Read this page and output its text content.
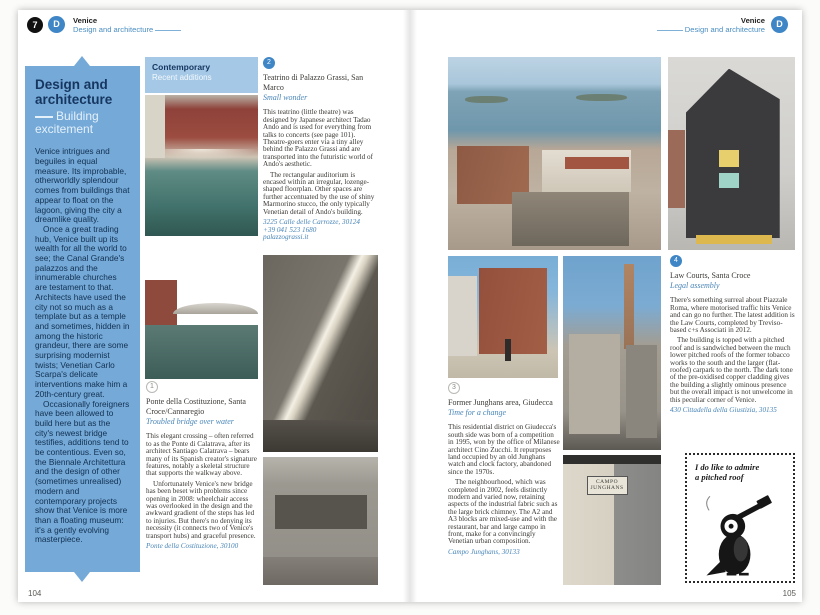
7	D	Venice
Design and architecture
Venice
Design and architecture
D
Design and architecture
Building excitement

Venice intrigues and beguiles in equal measure. Its improbable, otherworldly splendour comes from buildings that appear to float on the lagoon, giving the city a dreamlike quality.

Once a great trading hub, Venice built up its wealth for all the world to see; the Canal Grande's palazzos and the innumerable churches are testament to that. Architects have used the city not so much as a template but as a temple and sometimes, hidden in among the historic grandeur, there are some surprising modernist twists; Venetian Carlo Scarpa's delicate interventions make him a 20th-century great.

Occasionally foreigners have been allowed to build here but as the city's newest bridge testifies, additions tend to be contentious. Even so, the Biennale Architettura and the design of other (sometimes unrealised) modern and contemporary projects show that Venice is more than a floating museum: it's a gently evolving masterpiece.

Contemporary
Recent additions
1
Ponte della Costituzione, Santa Croce/Cannaregio
Troubled bridge over water

This elegant crossing – often referred to as the Ponte di Calatrava, after its architect Santiago Calatrava – bears many of its Spanish creator's signature features, notably a skeletal structure that supports the walkway above.

Unfortunately Venice's new bridge has been beset with problems since opening in 2008: wheelchair access was overlooked in the design and the awkward gradient of the steps has led to injuries. But there's no denying its necessity (it connects two of Venice's transport hubs) and graceful presence.

Ponte della Costituzione, 30100
2
Teatrino di Palazzo Grassi, San Marco
Small wonder

This teatrino (little theatre) was designed by Japanese architect Tadao Ando and is used for everything from talks to concerts (see page 101). Theatre-goers enter via a tiny alley behind the Palazzo Grassi and are transported into the futuristic world of Ando's aesthetic.

The rectangular auditorium is encased within an irregular, lozenge-shaped floorplan. Other spaces are further accentuated by the use of shiny Marmorino stucco, the only typically Venetian detail of Ando's building.

3225 Calle delle Carrozze, 30124
+39 041 523 1680
palazzograssi.it
CAMPO
JUNGHANS
3
Former Junghans area, Giudecca
Time for a change

This residential district on Giudecca's south side was born of a competition in 1995, won by the office of Milanese architect Cino Zucchi. It repurposes land occupied by an old Junghans watch and clock factory, abandoned since the 1970s.

The neighbourhood, which was completed in 2002, feels distinctly modern and varied now, retaining aspects of the industrial fabric such as the large brick chimney. The A2 and A3 blocks are mixed-use and with the restaurant, bar and large campo in front, make for a convincingly Venetian urban composition.

Campo Junghans, 30133
4
Law Courts, Santa Croce
Legal assembly

There's something surreal about Piazzale Roma, where motorised traffic hits Venice and can go no further. The latest addition is the Law Courts, completed by Treviso-based c+s Associati in 2012.

The building is topped with a pitched roof and is sandwiched between the much lower pitched roofs of the former tobacco works to the south and the larger (flat-roofed) carpark to the north. The dark tone of the pre-oxidised copper cladding gives the building a slightly ominous presence but the overall impact is not unwelcome in this peculiar corner of Venice.

430 Cittadella della Giustizia, 30135
I do like to admire
a pitched roof
104	105
